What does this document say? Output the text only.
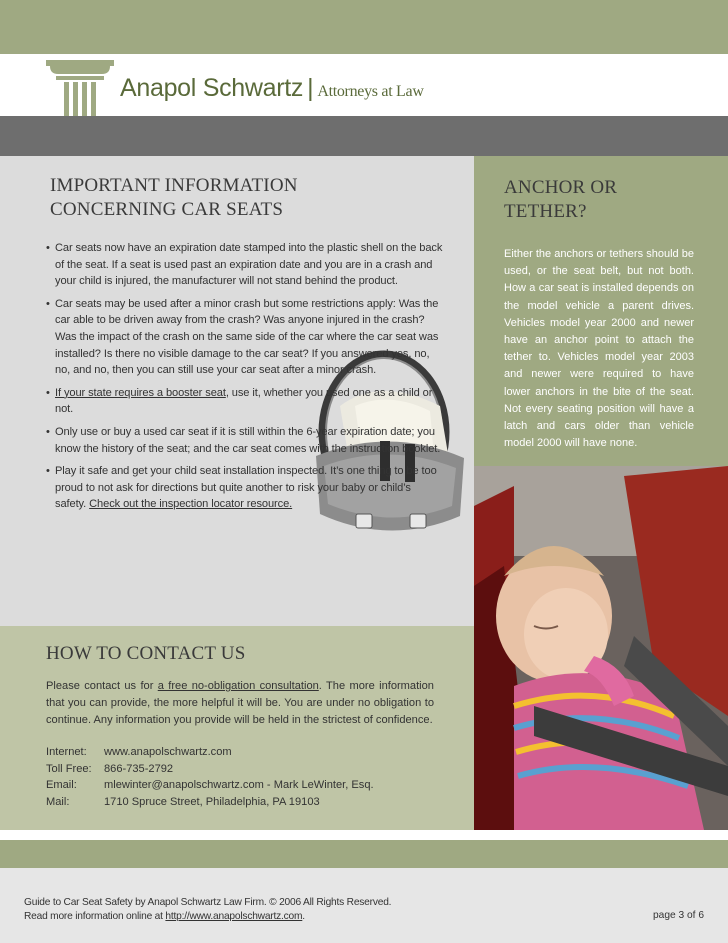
Anapol Schwartz | Attorneys at Law
IMPORTANT INFORMATION
CONCERNING CAR SEATS
• Car seats now have an expiration date stamped into the plastic shell on the back of the seat. If a seat is used past an expiration date and you are in a crash and your child is injured, the manufacturer will not stand behind the product.
• Car seats may be used after a minor crash but some restrictions apply: Was the car able to be driven away from the crash? Was anyone injured in the crash? Was the impact of the crash on the same side of the car where the car seat was installed? Is there no visible damage to the car seat? If you answered yes, no, no, and no, then you can still use your car seat after a minor crash.
• If your state requires a booster seat, use it, whether you used one as a child or not.
• Only use or buy a used car seat if it is still within the 6-year expiration date; you know the history of the seat; and the car seat comes with the instruction booklet.
• Play it safe and get your child seat installation inspected. It’s one thing to be too proud to not ask for directions but quite another to risk your baby or child’s safety. Check out the inspection locator resource.
ANCHOR OR
TETHER?
Either the anchors or tethers should be used, or the seat belt, but not both. How a car seat is installed depends on the model vehicle a parent drives. Vehicles model year 2000 and newer have an anchor point to attach the tether to. Vehicles model year 2003 and newer were required to have lower anchors in the bite of the seat. Not every seating position will have a latch and cars older than vehicle model 2000 will have none.
HOW TO CONTACT US
Please contact us for a free no-obligation consultation. The more information that you can provide, the more helpful it will be. You are under no obligation to continue. Any information you provide will be held in the strictest of confidence.
Internet:	www.anapolschwartz.com
Toll Free:	866-735-2792
Email:	mlewinter@anapolschwartz.com - Mark LeWinter, Esq.
Mail:	1710 Spruce Street, Philadelphia, PA 19103
Guide to Car Seat Safety by Anapol Schwartz Law Firm. © 2006 All Rights Reserved.
Read more information online at http://www.anapolschwartz.com.	page 3 of 6
